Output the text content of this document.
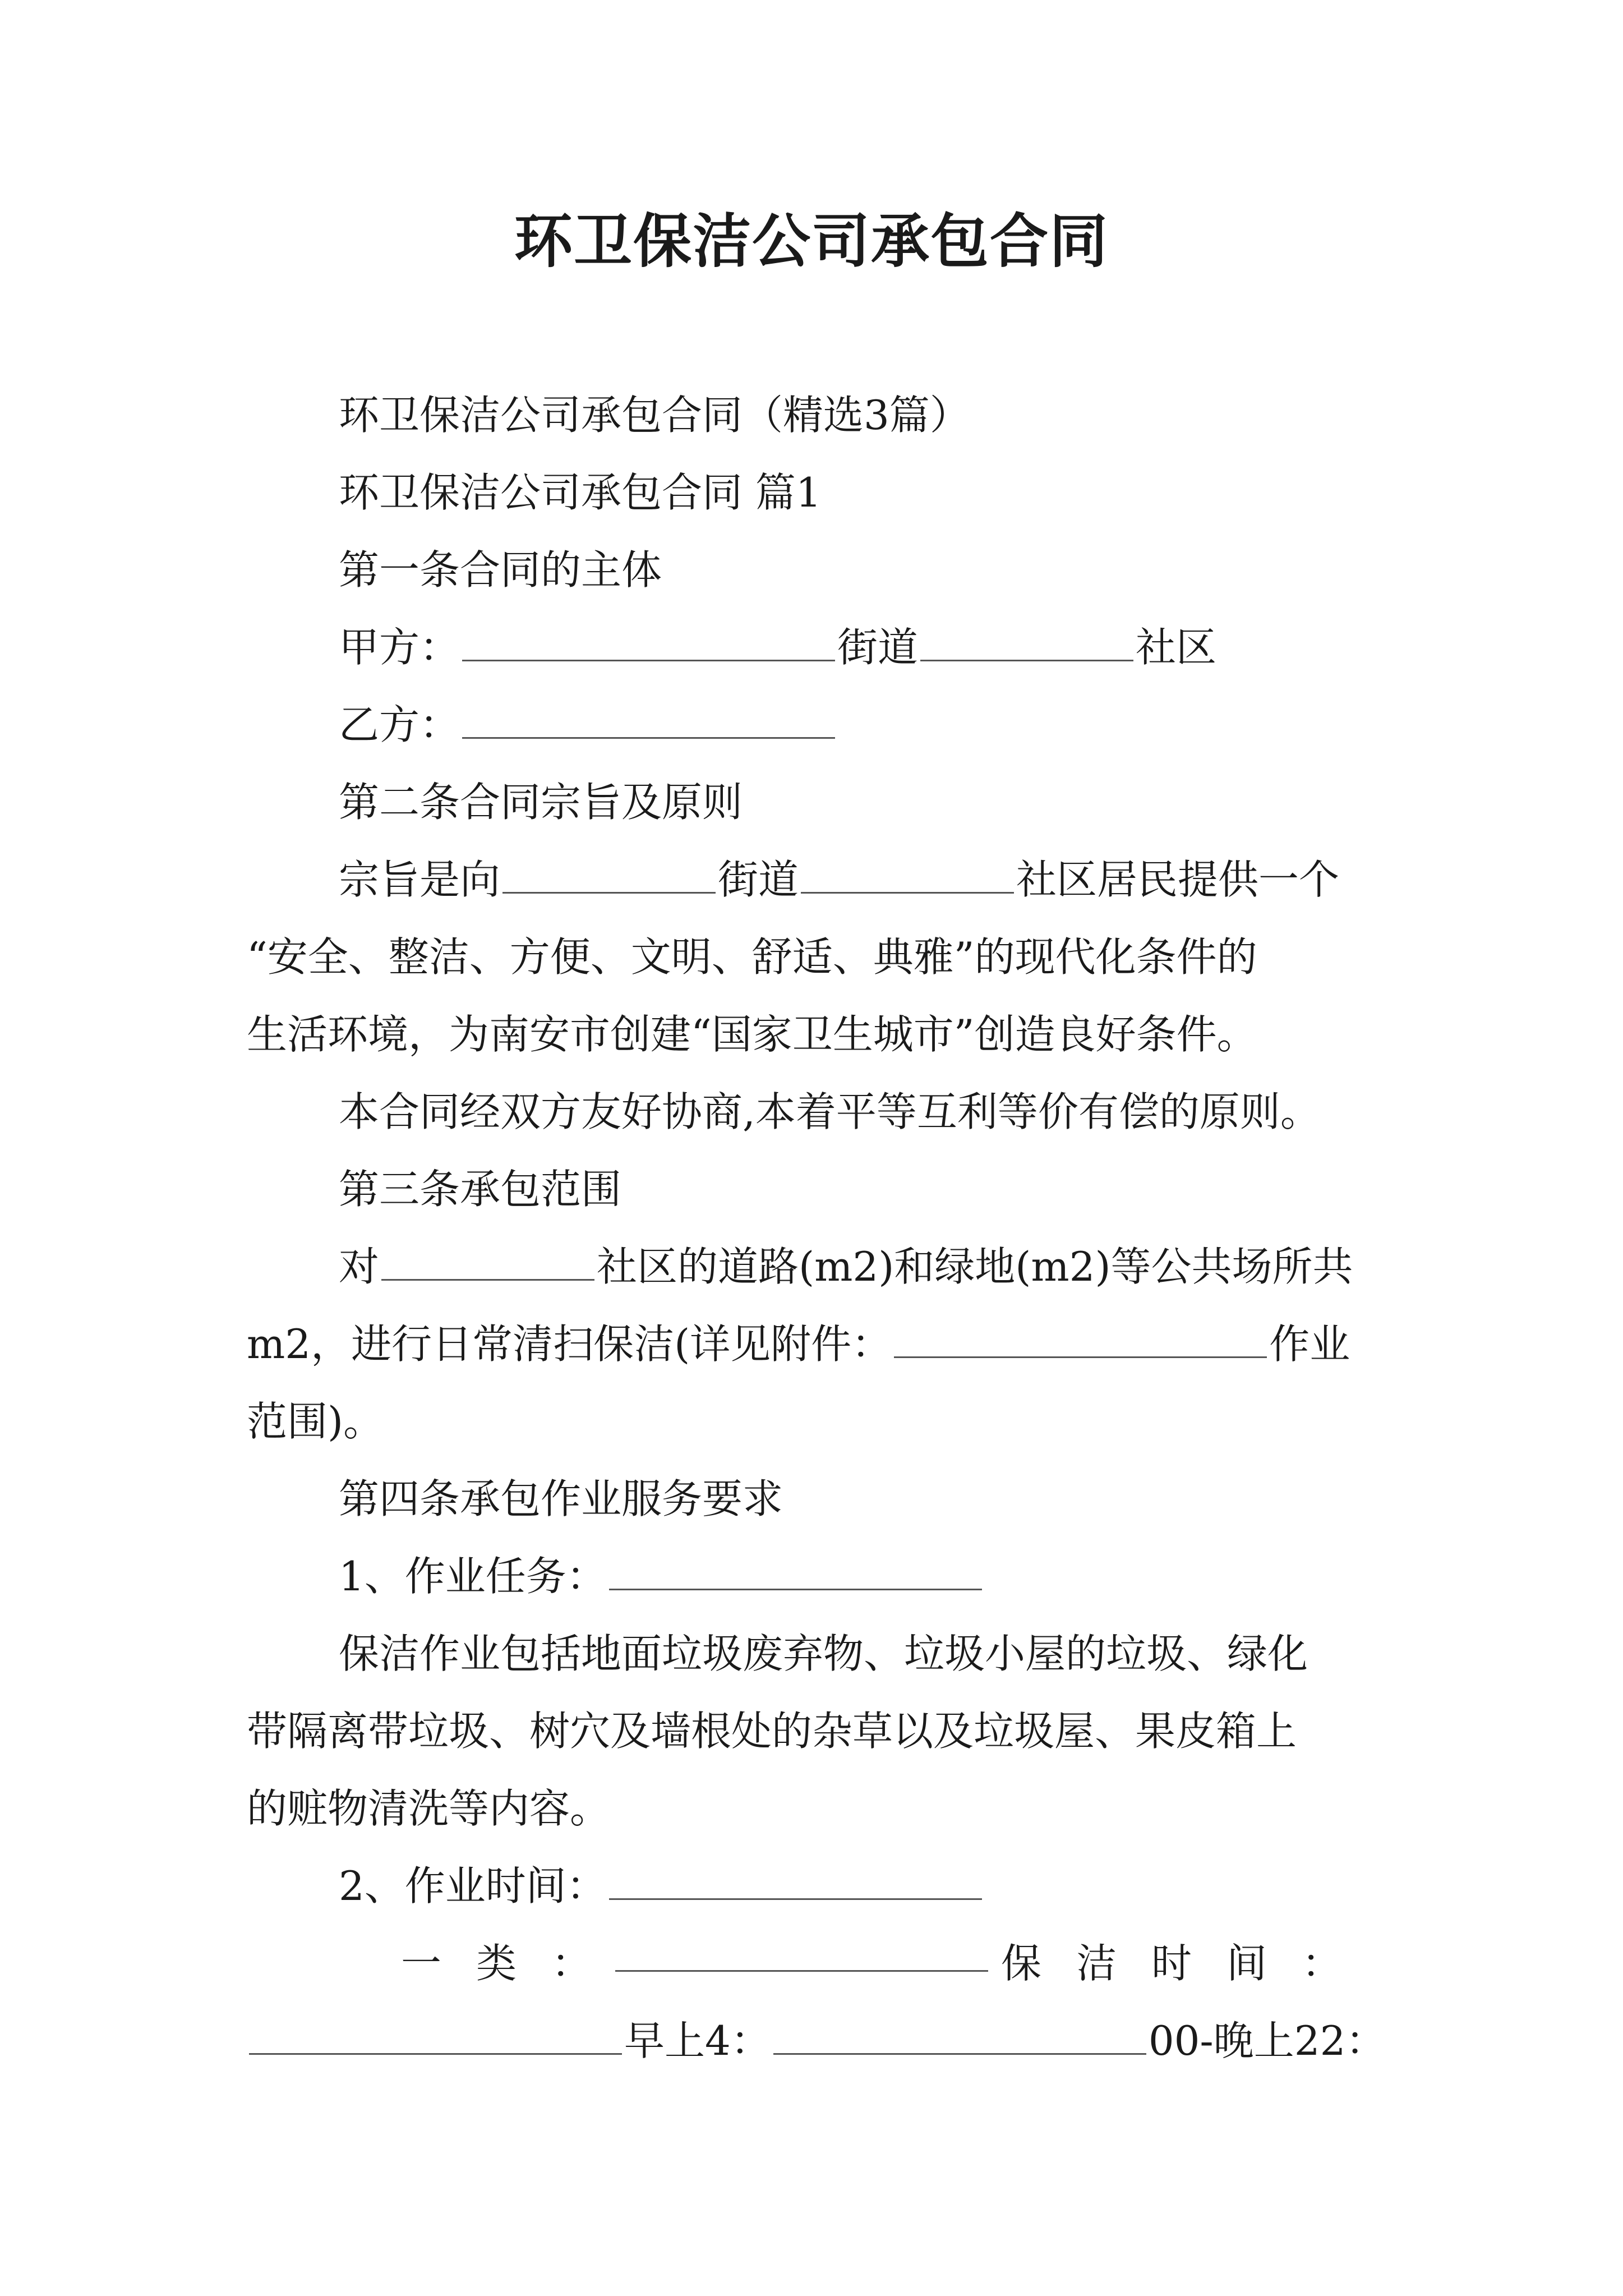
环卫保洁公司承包合同
环卫保洁公司承包合同（精选3篇）
环卫保洁公司承包合同 篇1
第一条合同的主体
甲方：	街道	社区
乙方：
第二条合同宗旨及原则
宗旨是向	街道	社区居民提供一个
“安全、整洁、方便、文明、舒适、典雅”的现代化条件的
生活环境，为南安市创建“国家卫生城市”创造良好条件。
本合同经双方友好协商,本着平等互利等价有偿的原则。
第三条承包范围
对	社区的道路(m2)和绿地(m2)等公共场所共
m2，进行日常清扫保洁(详见附件：	作业
范围)。
第四条承包作业服务要求
1、作业任务：
保洁作业包括地面垃圾废弃物、垃圾小屋的垃圾、绿化
带隔离带垃圾、树穴及墙根处的杂草以及垃圾屋、果皮箱上
的赃物清洗等内容。
2、作业时间：
一类：	保洁时间：
早上4：	00-晚上22：
